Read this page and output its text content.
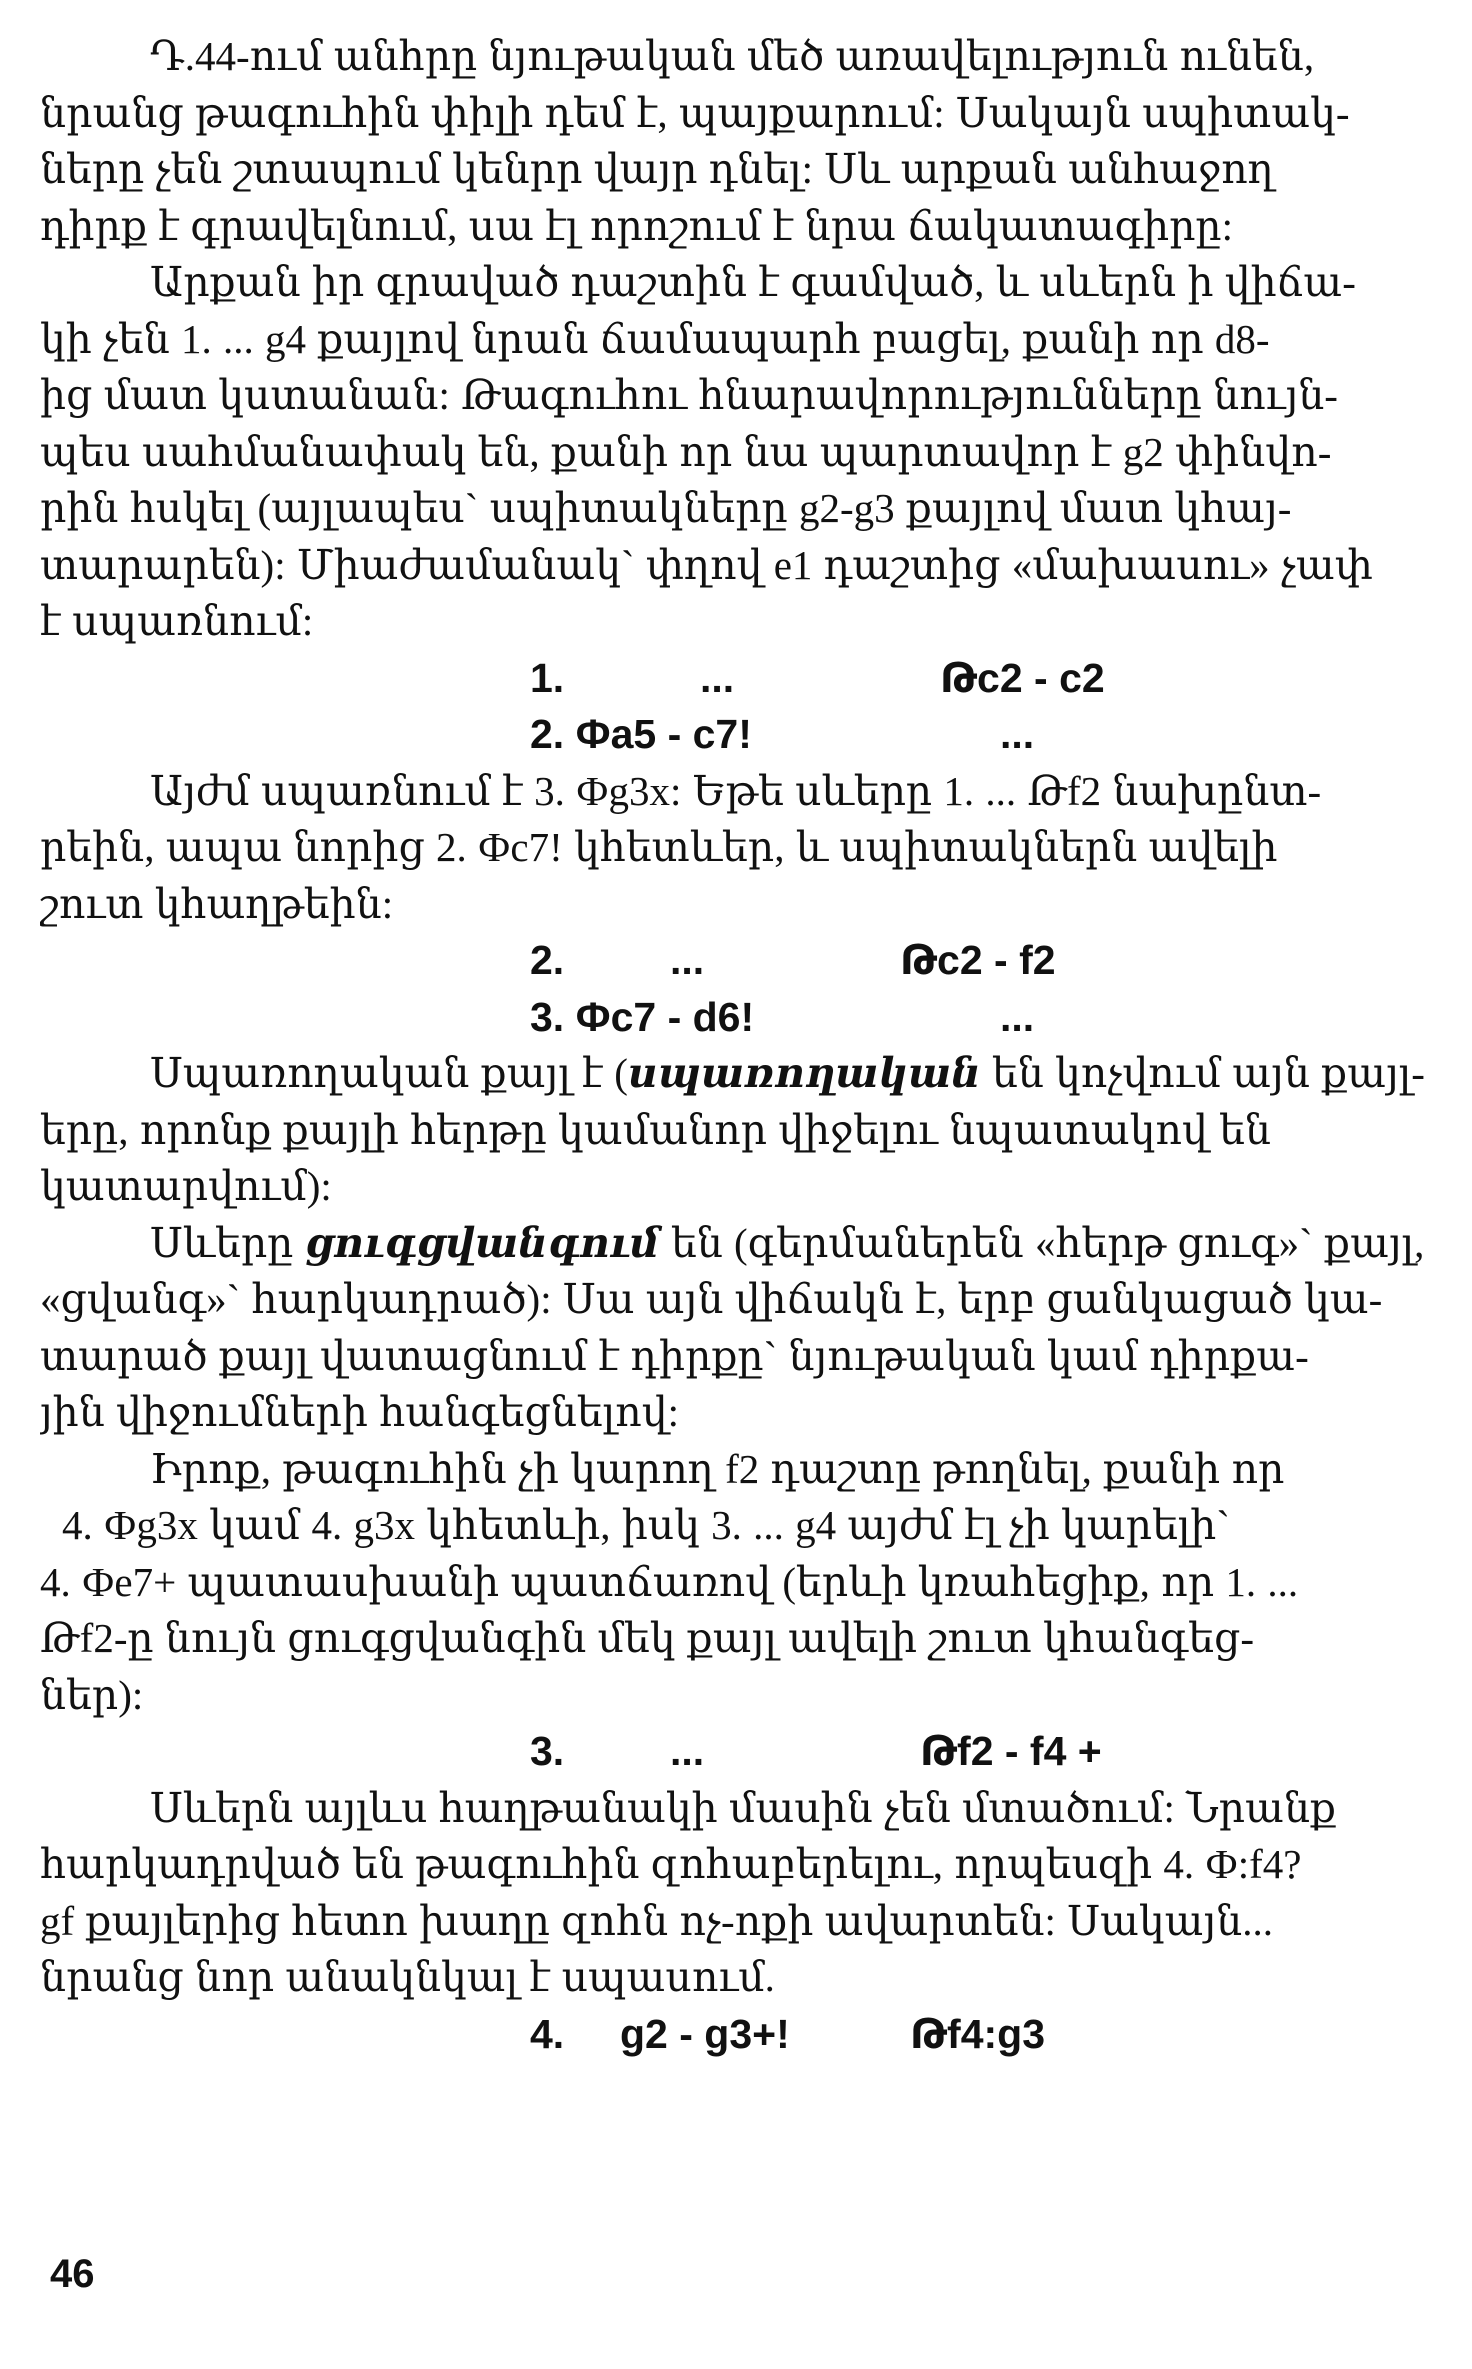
Դ.44-ում անհրը նյութական մեծ առավելություն ունեն,
նրանց թագուհին փիլի դեմ է, պայքարում: Սակայն սպիտակ-
ները չեն շտապում կենրր վայր դնել: Սև արքան անհաջող
դիրք է գրավելնում, սա էլ որոշում է նրա ճակատագիրը:
Արքան իր գրաված դաշտին է գամված, և սևերն ի վիճա-
կի չեն 1. ... g4 քայլով նրան ճամապարհ բացել, քանի որ d8-
ից մատ կստանան: Թագուհու հնարավորությունները նույն-
պես սահմանափակ են, քանի որ նա պարտավոր է g2 փինվո-
րին հսկել (այլապես` սպիտակները g2-g3 քայլով մատ կհայ-
տարարեն): Միաժամանակ` փղով e1 դաշտից «մախասու» չափ
է սպառնում:
1.	...	Թc2 - c2
2. Фa5 - c7!	...
Այժմ սպառնում է 3. Фg3x: Եթե սևերը 1. ... Թf2 նախընտ-
րեին, ապա նորից 2. Фc7! կհետևեր, և սպիտակներն ավելի
շուտ կհաղթեին:
2.	...	Թc2 - f2
3. Фc7 - d6!	...
Սպառողական քայլ է (սպառողական են կոչվում այն քայլ-
երը, որոնք քայլի հերթը կամանոր վիջելու նպատակով են
կատարվում):
Սևերը ցուգցվանգում են (գերմաներեն «հերթ ցուգ»` քայլ,
«ցվանգ»` հարկադրած): Սա այն վիճակն է, երբ ցանկացած կա-
տարած քայլ վատացնում է դիրքը` նյութական կամ դիրքա-
յին վիջումների հանգեցնելով:
Իրոք, թագուհին չի կարող f2 դաշտը թողնել, քանի որ
4. Фg3x կամ 4. g3x կհետևի, իսկ 3. ... g4 այժմ էլ չի կարելի`
4. Фe7+ պատասխանի պատճառով (երևի կռահեցիք, որ 1. ...
Թf2-ը նույն ցուգցվանգին մեկ քայլ ավելի շուտ կհանգեց-
ներ):
3.	...	Թf2 - f4 +
Սևերն այլևս հաղթանակի մասին չեն մտածում: Նրանք
հարկադրված են թագուհին զոհաբերելու, որպեսզի 4. Ф:f4?
gf քայլերից հետո խաղը զոհն ոչ-ոքի ավարտեն: Սակայն...
նրանց նոր անակնկալ է սպասում.
4. g2 - g3+!	Թf4:g3
46
